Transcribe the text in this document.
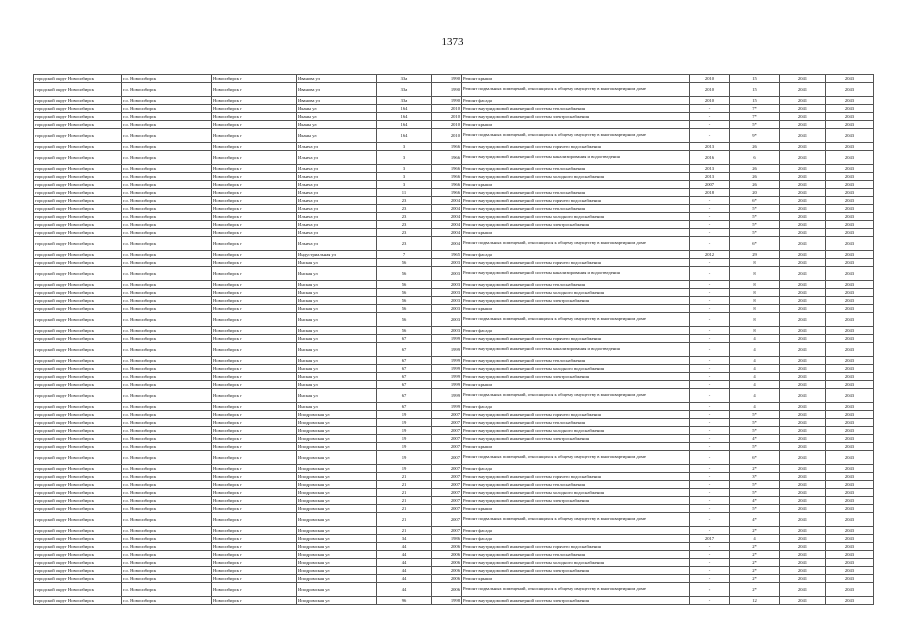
1373
городской округ Новосибирск	г.о. Новосибирск	Новосибирск г	Иванова ул	33а	1990	Ремонт крыши	2010	15	2041	2043
городской округ Новосибирск	г.о. Новосибирск	Новосибирск г	Иванова ул	33а	1990	Ремонт подвальных помещений, относящихся к общему имуществу в многоквартирном доме	2010	15	2041	2043
городской округ Новосибирск	г.о. Новосибирск	Новосибирск г	Иванова ул	33а	1990	Ремонт фасада	2010	15	2041	2043
городской округ Новосибирск	г.о. Новосибирск	Новосибирск г	Иканы ул	164	2010	Ремонт внутридомовой инженерной системы теплоснабжения	-	7*	2041	2043
городской округ Новосибирск	г.о. Новосибирск	Новосибирск г	Иканы ул	164	2010	Ремонт внутридомовой инженерной системы электроснабжения	-	7*	2041	2043
городской округ Новосибирск	г.о. Новосибирск	Новосибирск г	Иканы ул	164	2010	Ремонт крыши	-	5*	2041	2043
городской округ Новосибирск	г.о. Новосибирск	Новосибирск г	Иканы ул	164	2010	Ремонт подвальных помещений, относящихся к общему имуществу в многоквартирном доме	-	9*	2041	2043
городской округ Новосибирск	г.о. Новосибирск	Новосибирск г	Ильича ул	3	1966	Ремонт внутридомовой инженерной системы горячего водоснабжения	2013	26	2041	2043
городской округ Новосибирск	г.о. Новосибирск	Новосибирск г	Ильича ул	3	1966	Ремонт внутридомовой инженерной системы канализирования и водоотведения	2016	6	2041	2043
городской округ Новосибирск	г.о. Новосибирск	Новосибирск г	Ильича ул	3	1966	Ремонт внутридомовой инженерной системы теплоснабжения	2013	26	2041	2043
городской округ Новосибирск	г.о. Новосибирск	Новосибирск г	Ильича ул	3	1966	Ремонт внутридомовой инженерной системы холодного водоснабжения	2013	26	2041	2043
городской округ Новосибирск	г.о. Новосибирск	Новосибирск г	Ильича ул	3	1966	Ремонт крыши	2007	26	2041	2043
городской округ Новосибирск	г.о. Новосибирск	Новосибирск г	Ильича ул	11	1966	Ремонт внутридомовой инженерной системы теплоснабжения	2018	20	2041	2043
городской округ Новосибирск	г.о. Новосибирск	Новосибирск г	Ильича ул	23	2004	Ремонт внутридомовой инженерной системы горячего водоснабжения	-	6*	2041	2043
городской округ Новосибирск	г.о. Новосибирск	Новосибирск г	Ильича ул	23	2004	Ремонт внутридомовой инженерной системы теплоснабжения	-	5*	2041	2043
городской округ Новосибирск	г.о. Новосибирск	Новосибирск г	Ильича ул	23	2004	Ремонт внутридомовой инженерной системы холодного водоснабжения	-	5*	2041	2043
городской округ Новосибирск	г.о. Новосибирск	Новосибирск г	Ильича ул	23	2004	Ремонт внутридомовой инженерной системы электроснабжения	-	5*	2041	2043
городской округ Новосибирск	г.о. Новосибирск	Новосибирск г	Ильича ул	23	2004	Ремонт крыши	-	5*	2041	2043
городской округ Новосибирск	г.о. Новосибирск	Новосибирск г	Ильича ул	23	2004	Ремонт подвальных помещений, относящихся к общему имуществу в многоквартирном доме	-	6*	2041	2043
городской округ Новосибирск	г.о. Новосибирск	Новосибирск г	Индустриальная ул	7	1965	Ремонт фасада	2012	29	2041	2043
городской округ Новосибирск	г.о. Новосибирск	Новосибирск г	Инская ул	56	2003	Ремонт внутридомовой инженерной системы горячего водоснабжения	-	8	2041	2043
городской округ Новосибирск	г.о. Новосибирск	Новосибирск г	Инская ул	56	2003	Ремонт внутридомовой инженерной системы канализирования и водоотведения	-	8	2041	2043
городской округ Новосибирск	г.о. Новосибирск	Новосибирск г	Инская ул	56	2003	Ремонт внутридомовой инженерной системы теплоснабжения	-	8	2041	2043
городской округ Новосибирск	г.о. Новосибирск	Новосибирск г	Инская ул	56	2003	Ремонт внутридомовой инженерной системы холодного водоснабжения	-	8	2041	2043
городской округ Новосибирск	г.о. Новосибирск	Новосибирск г	Инская ул	56	2003	Ремонт внутридомовой инженерной системы электроснабжения	-	8	2041	2043
городской округ Новосибирск	г.о. Новосибирск	Новосибирск г	Инская ул	56	2003	Ремонт крыши	-	8	2041	2043
городской округ Новосибирск	г.о. Новосибирск	Новосибирск г	Инская ул	56	2003	Ремонт подвальных помещений, относящихся к общему имуществу в многоквартирном доме	-	8	2041	2043
городской округ Новосибирск	г.о. Новосибирск	Новосибирск г	Инская ул	56	2003	Ремонт фасада	-	8	2041	2043
городской округ Новосибирск	г.о. Новосибирск	Новосибирск г	Инская ул	67	1999	Ремонт внутридомовой инженерной системы горячего водоснабжения	-	4	2041	2043
городской округ Новосибирск	г.о. Новосибирск	Новосибирск г	Инская ул	67	1999	Ремонт внутридомовой инженерной системы канализирования и водоотведения	-	4	2041	2043
городской округ Новосибирск	г.о. Новосибирск	Новосибирск г	Инская ул	67	1999	Ремонт внутридомовой инженерной системы теплоснабжения	-	4	2041	2043
городской округ Новосибирск	г.о. Новосибирск	Новосибирск г	Инская ул	67	1999	Ремонт внутридомовой инженерной системы холодного водоснабжения	-	4	2041	2043
городской округ Новосибирск	г.о. Новосибирск	Новосибирск г	Инская ул	67	1999	Ремонт внутридомовой инженерной системы электроснабжения	-	4	2041	2043
городской округ Новосибирск	г.о. Новосибирск	Новосибирск г	Инская ул	67	1999	Ремонт крыши	-	4	2041	2043
городской округ Новосибирск	г.о. Новосибирск	Новосибирск г	Инская ул	67	1999	Ремонт подвальных помещений, относящихся к общему имуществу в многоквартирном доме	-	4	2041	2043
городской округ Новосибирск	г.о. Новосибирск	Новосибирск г	Инская ул	67	1999	Ремонт фасада	-	4	2041	2043
городской округ Новосибирск	г.о. Новосибирск	Новосибирск г	Иподромская ул	19	2007	Ремонт внутридомовой инженерной системы горячего водоснабжения	-	5*	2041	2043
городской округ Новосибирск	г.о. Новосибирск	Новосибирск г	Иподромская ул	19	2007	Ремонт внутридомовой инженерной системы теплоснабжения	-	5*	2041	2043
городской округ Новосибирск	г.о. Новосибирск	Новосибирск г	Иподромская ул	19	2007	Ремонт внутридомовой инженерной системы холодного водоснабжения	-	5*	2041	2043
городской округ Новосибирск	г.о. Новосибирск	Новосибирск г	Иподромская ул	19	2007	Ремонт внутридомовой инженерной системы электроснабжения	-	4*	2041	2043
городской округ Новосибирск	г.о. Новосибирск	Новосибирск г	Иподромская ул	19	2007	Ремонт крыши	-	5*	2041	2043
городской округ Новосибирск	г.о. Новосибирск	Новосибирск г	Иподромская ул	19	2007	Ремонт подвальных помещений, относящихся к общему имуществу в многоквартирном доме	-	6*	2041	2043
городской округ Новосибирск	г.о. Новосибирск	Новосибирск г	Иподромская ул	19	2007	Ремонт фасада	-	2*	2041	2043
городской округ Новосибирск	г.о. Новосибирск	Новосибирск г	Иподромская ул	21	2007	Ремонт внутридомовой инженерной системы горячего водоснабжения	-	3*	2041	2043
городской округ Новосибирск	г.о. Новосибирск	Новосибирск г	Иподромская ул	21	2007	Ремонт внутридомовой инженерной системы теплоснабжения	-	5*	2041	2043
городской округ Новосибирск	г.о. Новосибирск	Новосибирск г	Иподромская ул	21	2007	Ремонт внутридомовой инженерной системы холодного водоснабжения	-	5*	2041	2043
городской округ Новосибирск	г.о. Новосибирск	Новосибирск г	Иподромская ул	21	2007	Ремонт внутридомовой инженерной системы электроснабжения	-	4*	2041	2043
городской округ Новосибирск	г.о. Новосибирск	Новосибирск г	Иподромская ул	21	2007	Ремонт крыши	-	5*	2041	2043
городской округ Новосибирск	г.о. Новосибирск	Новосибирск г	Иподромская ул	21	2007	Ремонт подвальных помещений, относящихся к общему имуществу в многоквартирном доме	-	4*	2041	2043
городской округ Новосибирск	г.о. Новосибирск	Новосибирск г	Иподромская ул	21	2007	Ремонт фасада	-	2*	2041	2043
городской округ Новосибирск	г.о. Новосибирск	Новосибирск г	Иподромская ул	34	1986	Ремонт фасада	2017	4	2041	2043
городской округ Новосибирск	г.о. Новосибирск	Новосибирск г	Иподромская ул	44	2006	Ремонт внутридомовой инженерной системы горячего водоснабжения	-	2*	2041	2043
городской округ Новосибирск	г.о. Новосибирск	Новосибирск г	Иподромская ул	44	2006	Ремонт внутридомовой инженерной системы теплоснабжения	-	2*	2041	2043
городской округ Новосибирск	г.о. Новосибирск	Новосибирск г	Иподромская ул	44	2006	Ремонт внутридомовой инженерной системы холодного водоснабжения	-	2*	2041	2043
городской округ Новосибирск	г.о. Новосибирск	Новосибирск г	Иподромская ул	44	2006	Ремонт внутридомовой инженерной системы электроснабжения	-	2*	2041	2043
городской округ Новосибирск	г.о. Новосибирск	Новосибирск г	Иподромская ул	44	2006	Ремонт крыши	-	2*	2041	2043
городской округ Новосибирск	г.о. Новосибирск	Новосибирск г	Иподромская ул	44	2006	Ремонт подвальных помещений, относящихся к общему имуществу в многоквартирном доме	-	2*	2041	2043
городской округ Новосибирск	г.о. Новосибирск	Новосибирск г	Иподромская ул	96	1998	Ремонт внутридомовой инженерной системы электроснабжения	-	12	2041	2043
